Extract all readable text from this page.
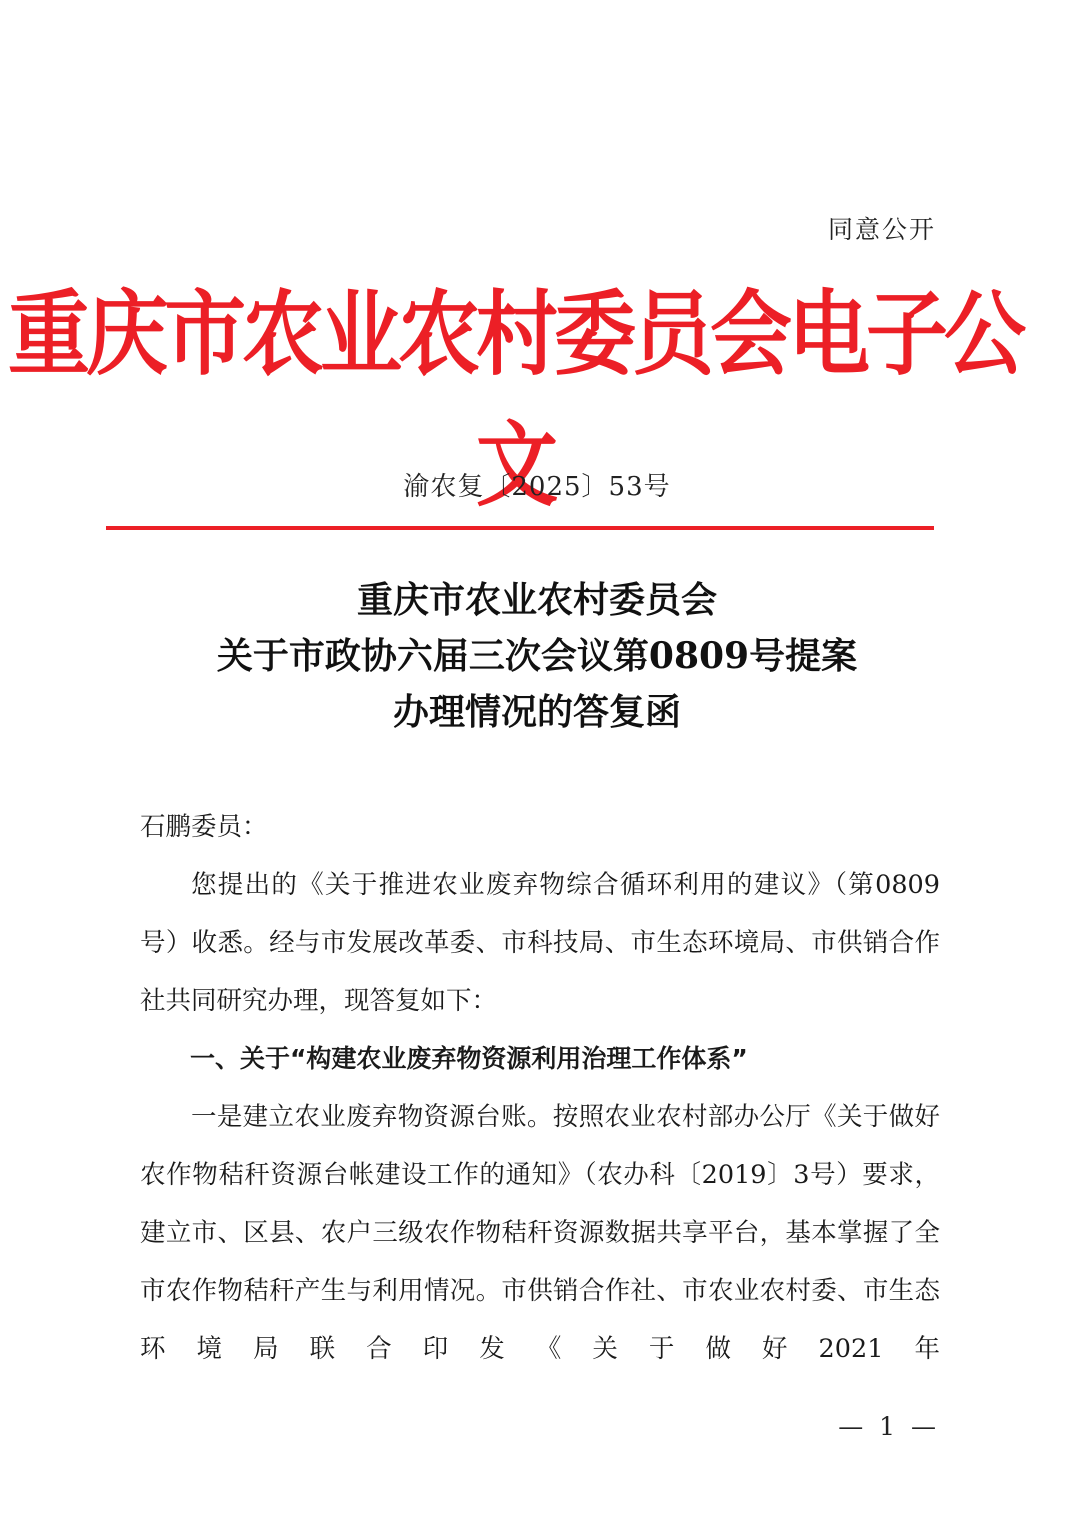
同意公开
重庆市农业农村委员会电子公文
渝农复〔2025〕53号
重庆市农业农村委员会
关于市政协六届三次会议第0809号提案
办理情况的答复函

石鹏委员：

您提出的《关于推进农业废弃物综合循环利用的建议》（第0809号）收悉。经与市发展改革委、市科技局、市生态环境局、市供销合作社共同研究办理，现答复如下：

一、关于“构建农业废弃物资源利用治理工作体系”

一是建立农业废弃物资源台账。按照农业农村部办公厅《关于做好农作物秸秆资源台帐建设工作的通知》（农办科〔2019〕3号）要求，建立市、区县、农户三级农作物秸秆资源数据共享平台，基本掌握了全市农作物秸秆产生与利用情况。市供销合作社、市农业农村委、市生态环境局联合印发《关于做好2021年

— 1 —
